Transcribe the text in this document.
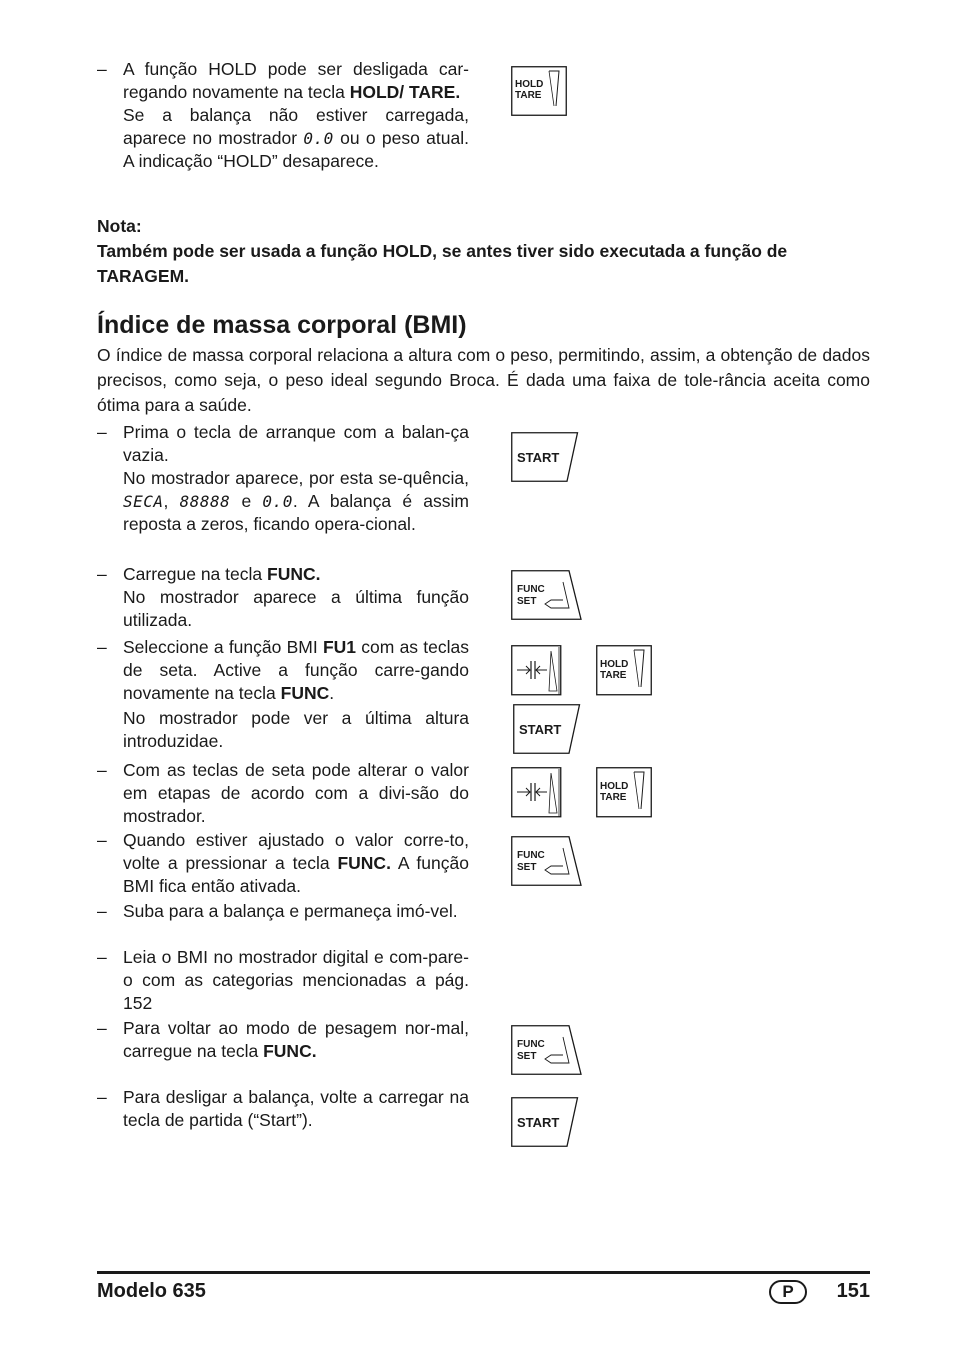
– A função HOLD pode ser desligada car-regando novamente na tecla HOLD/ TARE.

Se a balança não estiver carregada, aparece no mostrador 0.0 ou o peso atual. A indicação “HOLD” desaparece.

Nota:
Também pode ser usada a função HOLD, se antes tiver sido executada a função de TARAGEM.
Índice de massa corporal (BMI)

O índice de massa corporal relaciona a altura com o peso, permitindo, assim, a obtenção de dados precisos, como seja, o peso ideal segundo Broca. É dada uma faixa de tole-rância aceita como ótima para a saúde.

– Prima o tecla de arranque com a balan-ça vazia.

No mostrador aparece, por esta se-quência, SECA, 88888 e 0.0. A balança é assim reposta a zeros, ficando opera-cional.

– Carregue na tecla FUNC.

No mostrador aparece a última função utilizada.

– Seleccione a função BMI FU1 com as teclas de seta. Active a função carre-gando novamente na tecla FUNC.

No mostrador pode ver a última altura introduzidae.

– Com as teclas de seta pode alterar o valor em etapas de acordo com a divi-são do mostrador.

– Quando estiver ajustado o valor corre-to, volte a pressionar a tecla FUNC. A função BMI fica então ativada.

– Suba para a balança e permaneça imó-vel.

– Leia o BMI no mostrador digital e com-pare-o com as categorias mencionadas a pág. 152

– Para voltar ao modo de pesagem nor-mal, carregue na tecla FUNC.

– Para desligar a balança, volte a carregar na tecla de partida (“Start”).

HOLD
TARE
START
FUNC
SET
HOLD
TARE
START
HOLD
TARE
FUNC
SET
FUNC
SET
START
Modelo 635	P	151
